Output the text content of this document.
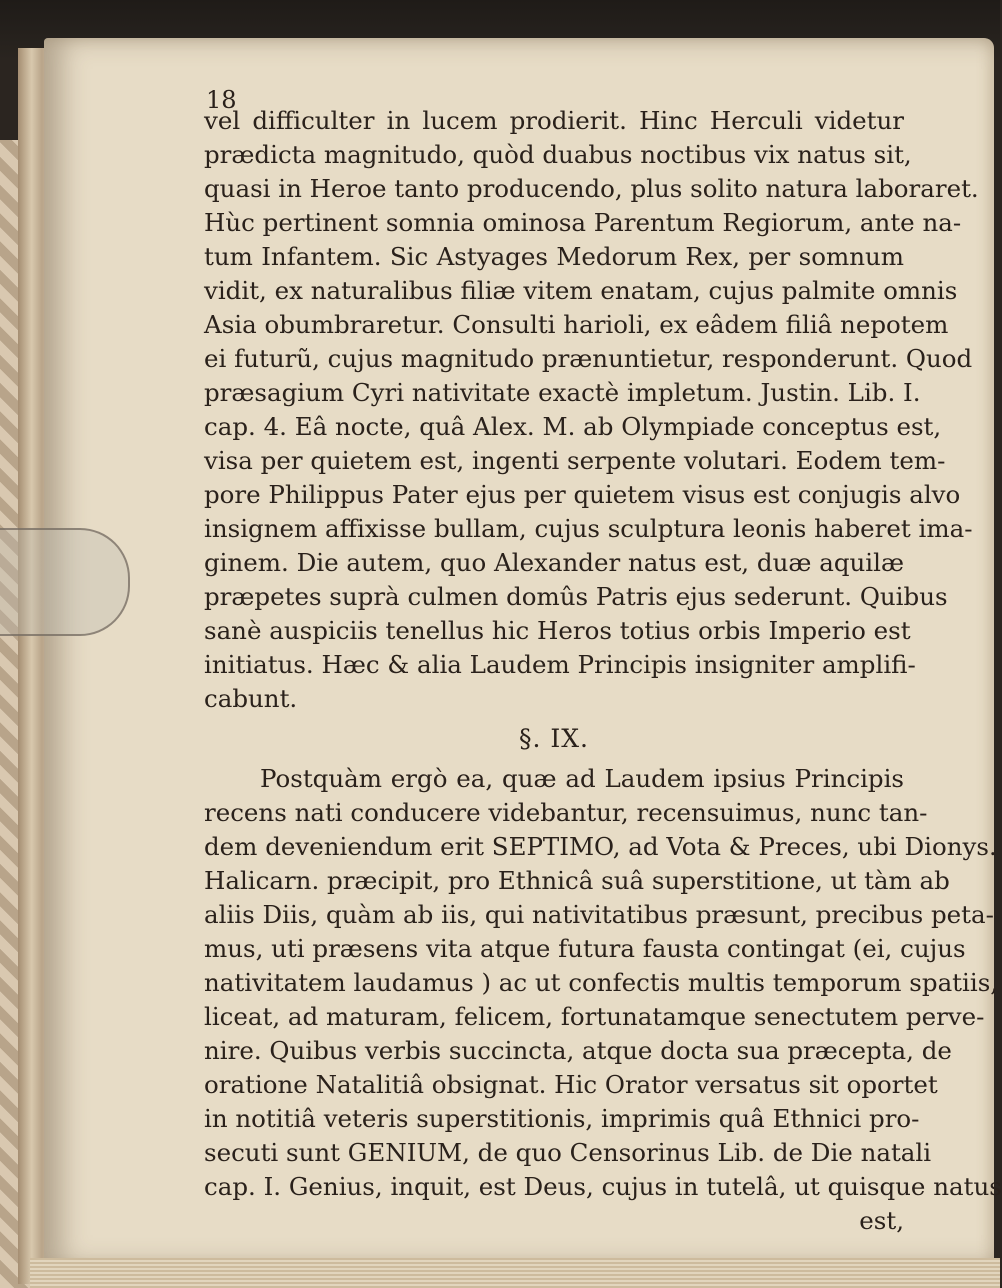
18
vel difficulter in lucem prodierit. Hinc Herculi videtur
prædicta magnitudo, quòd duabus noctibus vix natus sit,
quasi in Heroe tanto producendo, plus solito natura laboraret.
Hùc pertinent somnia ominosa Parentum Regiorum, ante na-
tum Infantem. Sic Astyages Medorum Rex, per somnum
vidit, ex naturalibus filiæ vitem enatam, cujus palmite omnis
Asia obumbraretur. Consulti harioli, ex eâdem filiâ nepotem
ei futurũ, cujus magnitudo prænuntietur, responderunt. Quod
præsagium Cyri nativitate exactè impletum. Justin. Lib. I.
cap. 4. Eâ nocte, quâ Alex. M. ab Olympiade conceptus est,
visa per quietem est, ingenti serpente volutari. Eodem tem-
pore Philippus Pater ejus per quietem visus est conjugis alvo
insignem affixisse bullam, cujus sculptura leonis haberet ima-
ginem. Die autem, quo Alexander natus est, duæ aquilæ
præpetes suprà culmen domûs Patris ejus sederunt. Quibus
sanè auspiciis tenellus hic Heros totius orbis Imperio est
initiatus. Hæc & alia Laudem Principis insigniter amplifi-
cabunt.
§. IX.
Postquàm ergò ea, quæ ad Laudem ipsius Principis
recens nati conducere videbantur, recensuimus, nunc tan-
dem deveniendum erit SEPTIMO, ad Vota & Preces, ubi Dionys.
Halicarn. præcipit, pro Ethnicâ suâ superstitione, ut tàm ab
aliis Diis, quàm ab iis, qui nativitatibus præsunt, precibus peta-
mus, uti præsens vita atque futura fausta contingat (ei, cujus
nativitatem laudamus ) ac ut confectis multis temporum spatiis,
liceat, ad maturam, felicem, fortunatamque senectutem perve-
nire. Quibus verbis succincta, atque docta sua præcepta, de
oratione Natalitiâ obsignat. Hic Orator versatus sit oportet
in notitiâ veteris superstitionis, imprimis quâ Ethnici pro-
secuti sunt GENIUM, de quo Censorinus Lib. de Die natali
cap. I. Genius, inquit, est Deus, cujus in tutelâ, ut quisque natus
est,
